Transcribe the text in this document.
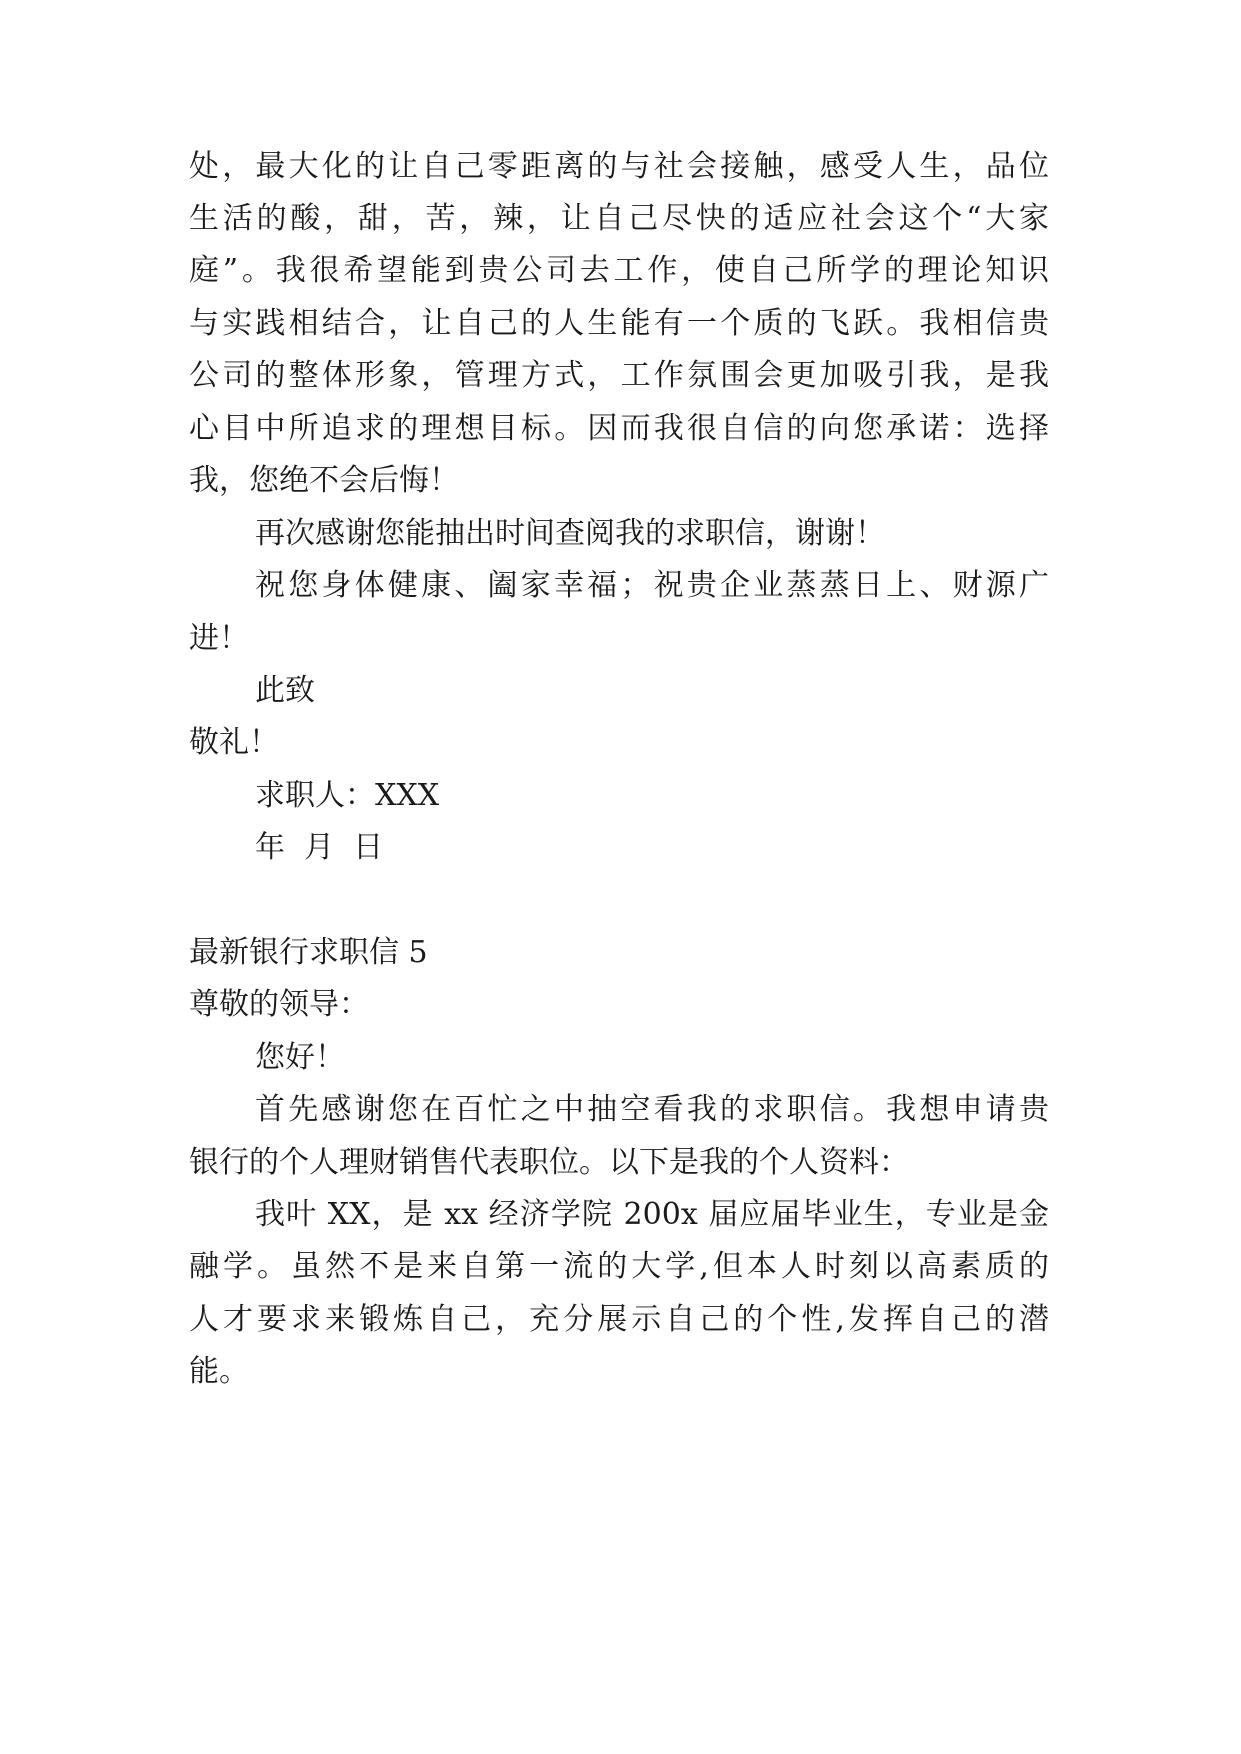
处，最大化的让自己零距离的与社会接触，感受人生，品位
生活的酸，甜，苦，辣，让自己尽快的适应社会这个“大家
庭”。我很希望能到贵公司去工作，使自己所学的理论知识
与实践相结合，让自己的人生能有一个质的飞跃。我相信贵
公司的整体形象，管理方式，工作氛围会更加吸引我，是我
心目中所追求的理想目标。因而我很自信的向您承诺：选择
我，您绝不会后悔！
再次感谢您能抽出时间查阅我的求职信，谢谢！
祝您身体健康、阖家幸福；祝贵企业蒸蒸日上、财源广
进！
此致
敬礼！
求职人：XXX
年  月  日
最新银行求职信 5
尊敬的领导：
您好！
首先感谢您在百忙之中抽空看我的求职信。我想申请贵
银行的个人理财销售代表职位。以下是我的个人资料：
我叶 XX，是 xx 经济学院 200x 届应届毕业生，专业是金
融学。虽然不是来自第一流的大学,但本人时刻以高素质的
人才要求来锻炼自己，充分展示自己的个性,发挥自己的潜
能。
